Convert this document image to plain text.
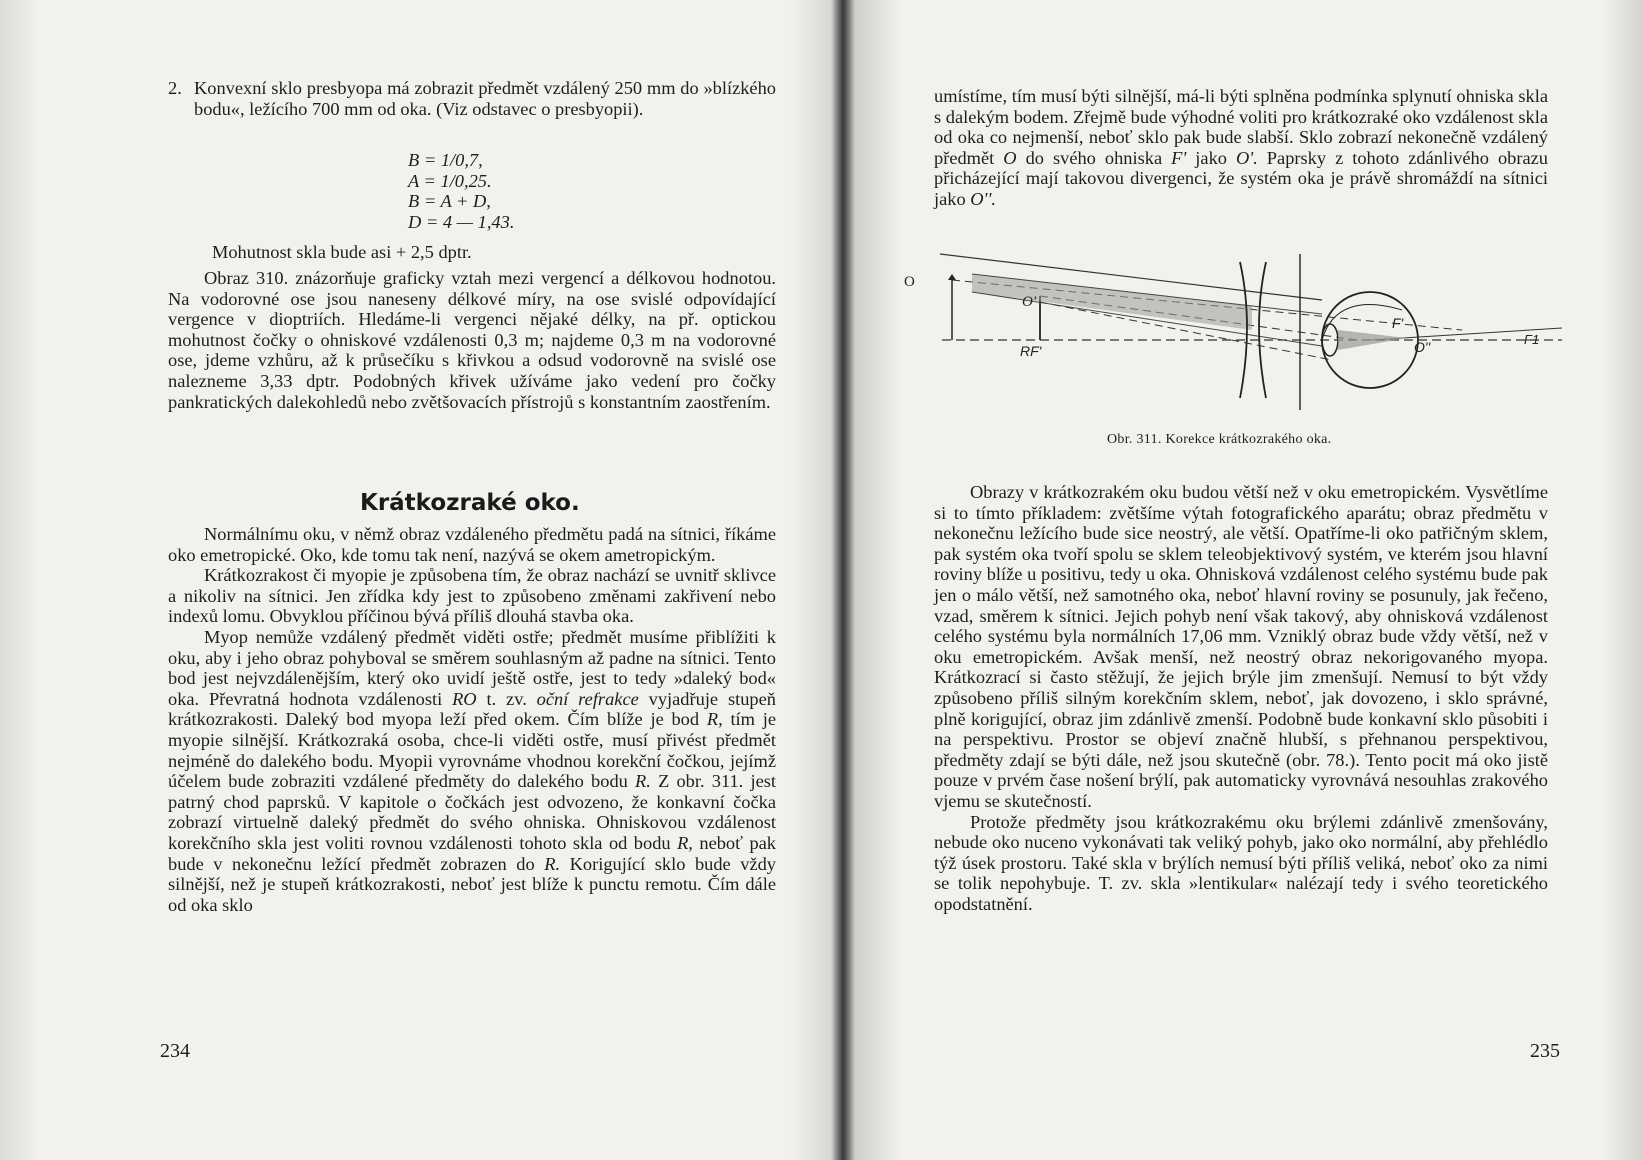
2. Konvexní sklo presbyopa má zobrazit předmět vzdálený 250 mm do »blízkého bodu«, ležícího 700 mm od oka. (Viz odstavec o presbyopii).
B = 1/0,7,
A = 1/0,25.
B = A + D,
D = 4 — 1,43.
Mohutnost skla bude asi + 2,5 dptr.

Obraz 310. znázorňuje graficky vztah mezi vergencí a délkovou hodnotou. Na vodorovné ose jsou naneseny délkové míry, na ose svislé odpovídající vergence v dioptriích. Hledáme-li vergenci nějaké délky, na př. optickou mohutnost čočky o ohniskové vzdálenosti 0,3 m; najdeme 0,3 m na vodorovné ose, jdeme vzhůru, až k průsečíku s křivkou a odsud vodorovně na svislé ose nalezneme 3,33 dptr. Podobných křivek užíváme jako vedení pro čočky pankratických dalekohledů nebo zvětšovacích přístrojů s konstantním zaostřením.

Krátkozraké oko.

Normálnímu oku, v němž obraz vzdáleného předmětu padá na sítnici, říkáme oko emetropické. Oko, kde tomu tak není, nazývá se okem ametropickým.

Krátkozrakost či myopie je způsobena tím, že obraz nachází se uvnitř sklivce a nikoliv na sítnici. Jen zřídka kdy jest to způsobeno změnami zakřivení nebo indexů lomu. Obvyklou příčinou bývá příliš dlouhá stavba oka.

Myop nemůže vzdálený předmět viděti ostře; předmět musíme přiblížiti k oku, aby i jeho obraz pohyboval se směrem souhlasným až padne na sítnici. Tento bod jest nejvzdálenějším, který oko uvidí ještě ostře, jest to tedy »daleký bod« oka. Převratná hodnota vzdálenosti RO t. zv. oční refrakce vyjadřuje stupeň krátkozrakosti. Daleký bod myopa leží před okem. Čím blíže je bod R, tím je myopie silnější. Krátkozraká osoba, chce-li viděti ostře, musí přivést předmět nejméně do dalekého bodu. Myopii vyrovnáme vhodnou korekční čočkou, jejímž účelem bude zobraziti vzdálené předměty do dalekého bodu R. Z obr. 311. jest patrný chod paprsků. V kapitole o čočkách jest odvozeno, že konkavní čočka zobrazí virtuelně daleký předmět do svého ohniska. Ohniskovou vzdálenost korekčního skla jest voliti rovnou vzdálenosti tohoto skla od bodu R, neboť pak bude v nekonečnu ležící předmět zobrazen do R. Korigující sklo bude vždy silnější, než je stupeň krátkozrakosti, neboť jest blíže k punctu remotu. Čím dále od oka sklo

234

umístíme, tím musí býti silnější, má-li býti splněna podmínka splynutí ohniska skla s dalekým bodem. Zřejmě bude výhodné voliti pro krátkozraké oko vzdálenost skla od oka co nejmenší, neboť sklo pak bude slabší. Sklo zobrazí nekonečně vzdálený předmět O do svého ohniska F' jako O'. Paprsky z tohoto zdánlivého obrazu přicházející mají takovou divergenci, že systém oka je právě shromáždí na sítnici jako O''.

O
O'
RF'
F'
O''	F1
Obr. 311. Korekce krátkozrakého oka.

Obrazy v krátkozrakém oku budou větší než v oku emetropickém. Vysvětlíme si to tímto příkladem: zvětšíme výtah fotografického aparátu; obraz předmětu v nekonečnu ležícího bude sice neostrý, ale větší. Opatříme-li oko patřičným sklem, pak systém oka tvoří spolu se sklem teleobjektivový systém, ve kterém jsou hlavní roviny blíže u positivu, tedy u oka. Ohnisková vzdálenost celého systému bude pak jen o málo větší, než samotného oka, neboť hlavní roviny se posunuly, jak řečeno, vzad, směrem k sítnici. Jejich pohyb není však takový, aby ohnisková vzdálenost celého systému byla normálních 17,06 mm. Vzniklý obraz bude vždy větší, než v oku emetropickém. Avšak menší, než neostrý obraz nekorigovaného myopa. Krátkozrací si často stěžují, že jejich brýle jim zmenšují. Nemusí to být vždy způsobeno příliš silným korekčním sklem, neboť, jak dovozeno, i sklo správné, plně korigující, obraz jim zdánlivě zmenší. Podobně bude konkavní sklo působiti i na perspektivu. Prostor se objeví značně hlubší, s přehnanou perspektivou, předměty zdají se býti dále, než jsou skutečně (obr. 78.). Tento pocit má oko jistě pouze v prvém čase nošení brýlí, pak automaticky vyrovnává nesouhlas zrakového vjemu se skutečností.

Protože předměty jsou krátkozrakému oku brýlemi zdánlivě zmenšovány, nebude oko nuceno vykonávati tak veliký pohyb, jako oko normální, aby přehlédlo týž úsek prostoru. Také skla v brýlích nemusí býti příliš veliká, neboť oko za nimi se tolik nepohybuje. T. zv. skla »lentikular« nalézají tedy i svého teoretického opodstatnění.

235
